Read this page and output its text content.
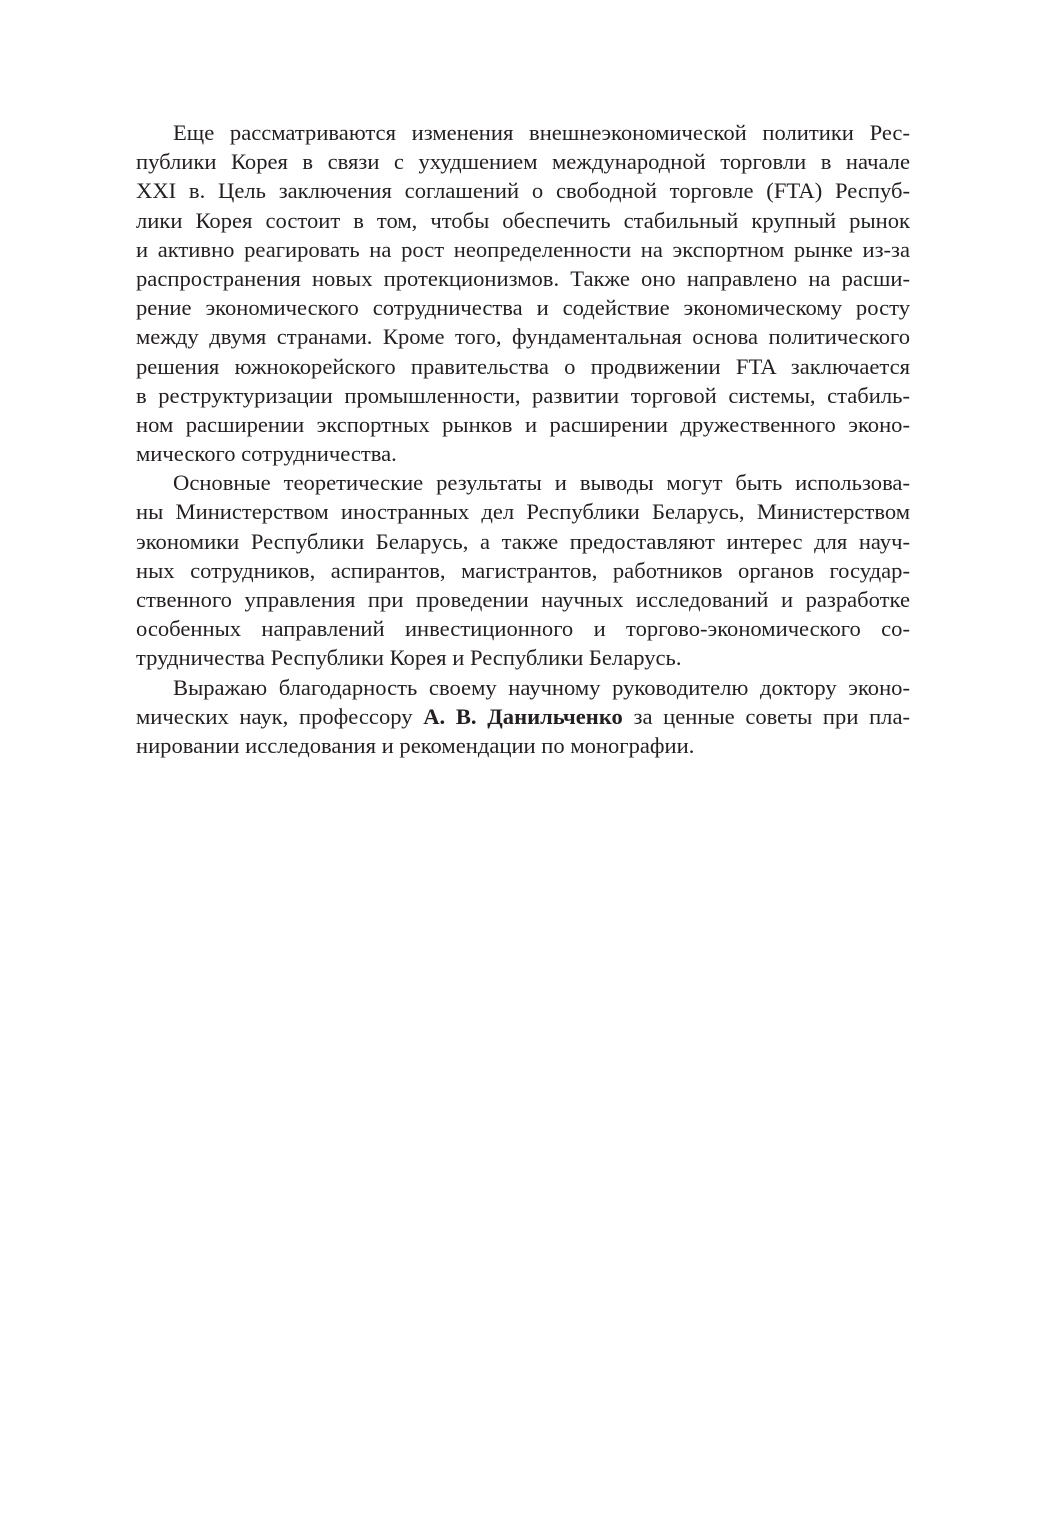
Еще рассматриваются изменения внешнеэкономической политики Рес-
публики Корея в связи с ухудшением международной торговли в начале
XXI в. Цель заключения соглашений о свободной торговле (FTA) Респуб-
лики Корея состоит в том, чтобы обеспечить стабильный крупный рынок
и активно реагировать на рост неопределенности на экспортном рынке из-за
распространения новых протекционизмов. Также оно направлено на расши-
рение экономического сотрудничества и содействие экономическому росту
между двумя странами. Кроме того, фундаментальная основа политического
решения южнокорейского правительства о продвижении FTA заключается
в реструктуризации промышленности, развитии торговой системы, стабиль-
ном расширении экспортных рынков и расширении дружественного эконо-
мического сотрудничества.
Основные теоретические результаты и выводы могут быть использова-
ны Министерством иностранных дел Республики Беларусь, Министерством
экономики Республики Беларусь, а также предоставляют интерес для науч-
ных сотрудников, аспирантов, магистрантов, работников органов государ-
ственного управления при проведении научных исследований и разработке
особенных направлений инвестиционного и торгово-экономического со-
трудничества Республики Корея и Республики Беларусь.
Выражаю благодарность своему научному руководителю доктору эконо-
мических наук, профессору А. В. Данильченко за ценные советы при пла-
нировании исследования и рекомендации по монографии.
